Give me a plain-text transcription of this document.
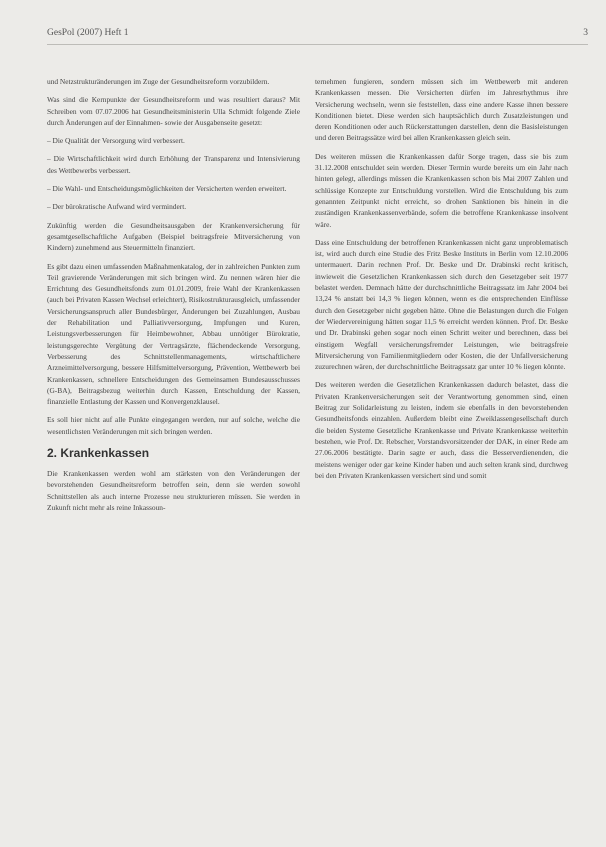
GesPol (2007) Heft 1	3

und Netzstrukturänderungen im Zuge der Gesundheitsreform vorzubildern.

Was sind die Kernpunkte der Gesundheitsreform und was resultiert daraus? Mit Schreiben vom 07.07.2006 hat Gesundheitsministerin Ulla Schmidt folgende Ziele durch Änderungen auf der Einnahmen- sowie der Ausgabenseite gesetzt:

– Die Qualität der Versorgung wird verbessert.
– Die Wirtschaftlichkeit wird durch Erhöhung der Transparenz und Intensivierung des Wettbewerbs verbessert.
– Die Wahl- und Entscheidungsmöglichkeiten der Versicherten werden erweitert.
– Der bürokratische Aufwand wird vermindert.

Zukünftig werden die Gesundheitsausgaben der Krankenversicherung für gesamtgesellschaftliche Aufgaben (Beispiel beitragsfreie Mitversicherung von Kindern) zunehmend aus Steuermitteln finanziert.

Es gibt dazu einen umfassenden Maßnahmenkatalog, der in zahlreichen Punkten zum Teil gravierende Veränderungen mit sich bringen wird. Zu nennen wären hier die Errichtung des Gesundheitsfonds zum 01.01.2009, freie Wahl der Krankenkassen (auch bei Privaten Kassen Wechsel erleichtert), Risikostrukturausgleich, umfassender Versicherungsanspruch aller Bundesbürger, Änderungen bei Zuzahlungen, Ausbau der Rehabilitation und Palliativversorgung, Impfungen und Kuren, Leistungsverbesserungen für Heimbewohner, Abbau unnötiger Bürokratie, leistungsgerechte Vergütung der Vertragsärzte, flächendeckende Versorgung, Verbesserung des Schnittstellenmanagements, wirtschaftlichere Arzneimittelversorgung, bessere Hilfsmittelversorgung, Prävention, Wettbewerb bei Krankenkassen, schnellere Entscheidungen des Gemeinsamen Bundesausschusses (G-BA), Beitragsbezug weiterhin durch Kassen, Entschuldung der Kassen, finanzielle Entlastung der Kassen und Konvergenzklausel.

Es soll hier nicht auf alle Punkte eingegangen werden, nur auf solche, welche die wesentlichsten Veränderungen mit sich bringen werden.

2. Krankenkassen

Die Krankenkassen werden wohl am stärksten von den Veränderungen der bevorstehenden Gesundheitsreform betroffen sein, denn sie werden sowohl Schnittstellen als auch interne Prozesse neu strukturieren müssen. Sie werden in Zukunft nicht mehr als reine Inkassoun-

ternehmen fungieren, sondern müssen sich im Wettbewerb mit anderen Krankenkassen messen. Die Versicherten dürfen im Jahresrhythmus ihre Versicherung wechseln, wenn sie feststellen, dass eine andere Kasse ihnen bessere Konditionen bietet. Diese werden sich hauptsächlich durch Zusatzleistungen und deren Konditionen oder auch Rückerstattungen darstellen, denn die Basisleistungen und deren Beitragssätze wird bei allen Krankenkassen gleich sein.

Des weiteren müssen die Krankenkassen dafür Sorge tragen, dass sie bis zum 31.12.2008 entschuldet sein werden. Dieser Termin wurde bereits um ein Jahr nach hinten gelegt, allerdings müssen die Krankenkassen schon bis Mai 2007 Zahlen und schlüssige Konzepte zur Entschuldung vorstellen. Wird die Entschuldung bis zum genannten Zeitpunkt nicht erreicht, so drohen Sanktionen bis hinein in die zuständigen Krankenkassenverbände, sofern die betroffene Krankenkasse insolvent wäre.

Dass eine Entschuldung der betroffenen Krankenkassen nicht ganz unproblematisch ist, wird auch durch eine Studie des Fritz Beske Instituts in Berlin vom 12.10.2006 untermauert. Darin rechnen Prof. Dr. Beske und Dr. Drabinski recht kritisch, inwieweit die Gesetzlichen Krankenkassen sich durch den Gesetzgeber seit 1977 belastet werden. Demnach hätte der durchschnittliche Beitragssatz im Jahr 2004 bei 13,24 % anstatt bei 14,3 % liegen können, wenn es die entsprechenden Einflüsse durch den Gesetzgeber nicht gegeben hätte. Ohne die Belastungen durch die Folgen der Wiedervereinigung hätten sogar 11,5 % erreicht werden können. Prof. Dr. Beske und Dr. Drabinski gehen sogar noch einen Schritt weiter und berechnen, dass bei einstigem Wegfall versicherungsfremder Leistungen, wie beitragsfreie Mitversicherung von Familienmitgliedern oder Kosten, die der Unfallversicherung zuzurechnen wären, der durchschnittliche Beitragssatz gar unter 10 % liegen könnte.

Des weiteren werden die Gesetzlichen Krankenkassen dadurch belastet, dass die Privaten Krankenversicherungen seit der Verantwortung genommen sind, einen Beitrag zur Solidarleistung zu leisten, indem sie ebenfalls in den bevorstehenden Gesundheitsfonds einzahlen. Außerdem bleibt eine Zweiklassengesellschaft durch die beiden Systeme Gesetzliche Krankenkasse und Private Krankenkasse weiterhin bestehen, wie Prof. Dr. Rebscher, Vorstandsvorsitzender der DAK, in einer Rede am 27.06.2006 bestätigte. Darin sagte er auch, dass die Besserverdienenden, die meistens weniger oder gar keine Kinder haben und auch selten krank sind, durchweg bei den Privaten Krankenkassen versichert sind und somit
